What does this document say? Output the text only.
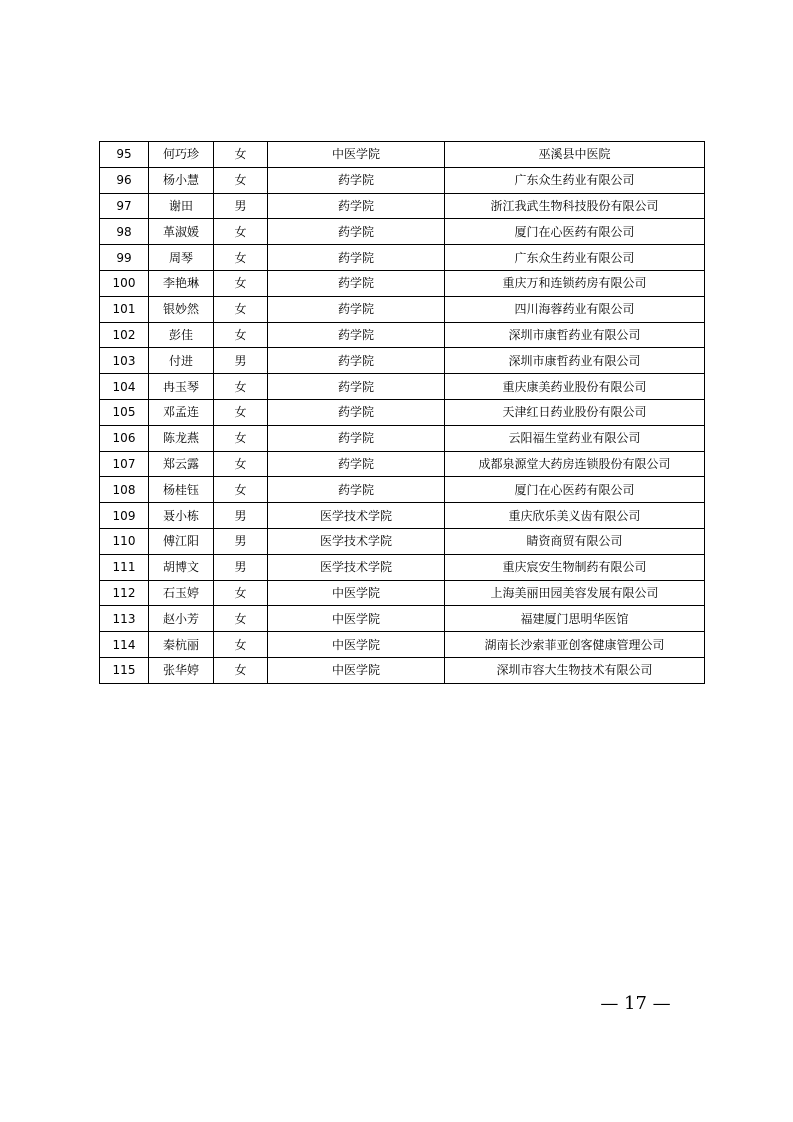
95	何巧珍	女	中医学院	巫溪县中医院
96	杨小慧	女	药学院	广东众生药业有限公司
97	谢田	男	药学院	浙江我武生物科技股份有限公司
98	革淑媛	女	药学院	厦门在心医药有限公司
99	周琴	女	药学院	广东众生药业有限公司
100	李艳琳	女	药学院	重庆万和连锁药房有限公司
101	银妙然	女	药学院	四川海蓉药业有限公司
102	彭佳	女	药学院	深圳市康哲药业有限公司
103	付进	男	药学院	深圳市康哲药业有限公司
104	冉玉琴	女	药学院	重庆康美药业股份有限公司
105	邓孟连	女	药学院	天津红日药业股份有限公司
106	陈龙燕	女	药学院	云阳福生堂药业有限公司
107	郑云露	女	药学院	成都泉源堂大药房连锁股份有限公司
108	杨桂钰	女	药学院	厦门在心医药有限公司
109	聂小栋	男	医学技术学院	重庆欣乐美义齿有限公司
110	傅江阳	男	医学技术学院	睛资商贸有限公司
111	胡博文	男	医学技术学院	重庆宸安生物制药有限公司
112	石玉婷	女	中医学院	上海美丽田园美容发展有限公司
113	赵小芳	女	中医学院	福建厦门思明华医馆
114	秦杭丽	女	中医学院	湖南长沙索菲亚创客健康管理公司
115	张华婷	女	中医学院	深圳市容大生物技术有限公司
— 17 —
